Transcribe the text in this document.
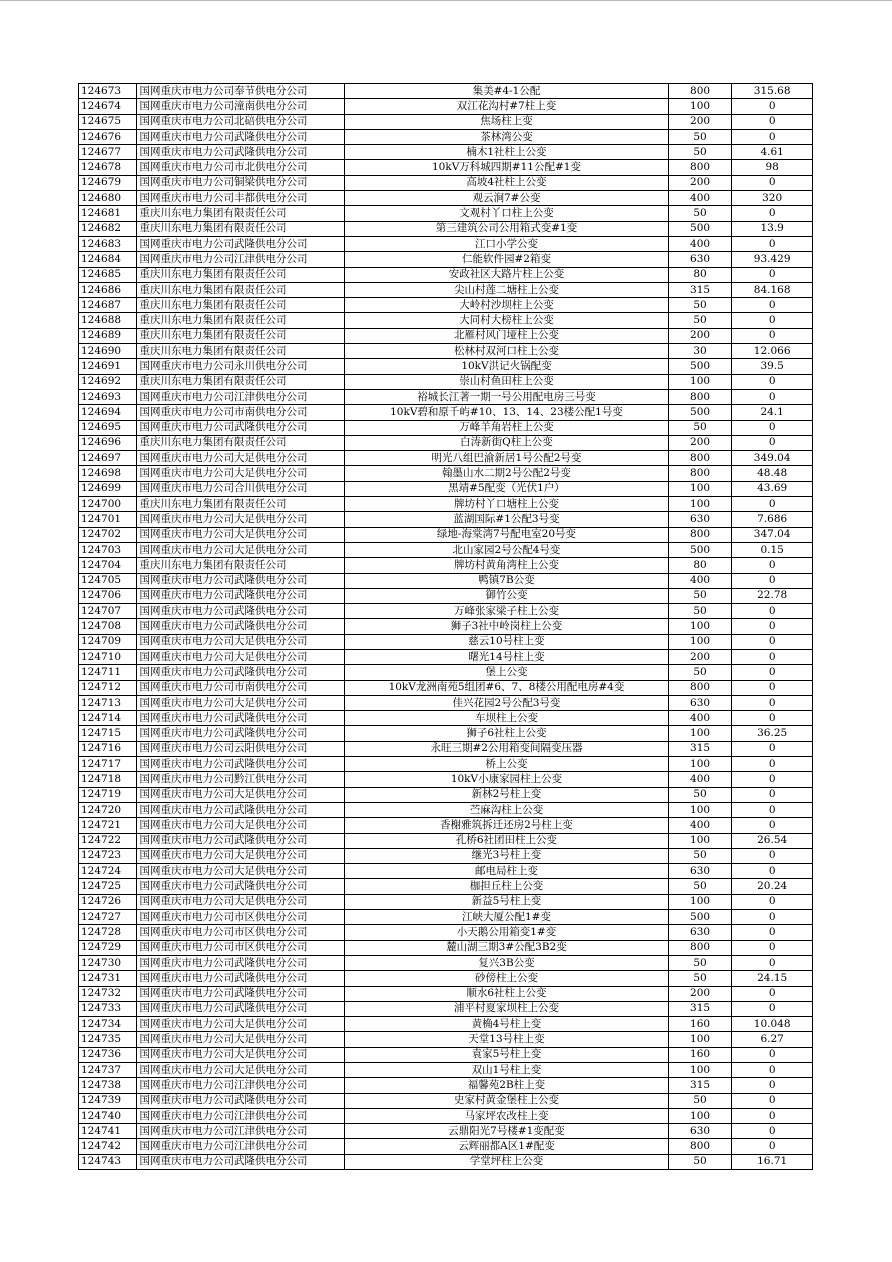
124673	国网重庆市电力公司奉节供电分公司	集美#4-1公配	800	315.68
124674	国网重庆市电力公司潼南供电分公司	双江花沟村#7柱上变	100	0
124675	国网重庆市电力公司北碚供电分公司	焦场柱上变	200	0
124676	国网重庆市电力公司武隆供电分公司	茶林湾公变	50	0
124677	国网重庆市电力公司武隆供电分公司	楠木1社柱上公变	50	4.61
124678	国网重庆市电力公司市北供电分公司	10kV万科城四期#11公配#1变	800	98
124679	国网重庆市电力公司铜梁供电分公司	高坡4社柱上公变	200	0
124680	国网重庆市电力公司丰都供电分公司	观云涧7#公变	400	320
124681	重庆川东电力集团有限责任公司	文观村丫口柱上公变	50	0
124682	重庆川东电力集团有限责任公司	第三建筑公司公用箱式变#1变	500	13.9
124683	国网重庆市电力公司武隆供电分公司	江口小学公变	400	0
124684	国网重庆市电力公司江津供电分公司	仁能软件园#2箱变	630	93.429
124685	重庆川东电力集团有限责任公司	安政社区大路片柱上公变	80	0
124686	重庆川东电力集团有限责任公司	尖山村莲二塘柱上公变	315	84.168
124687	重庆川东电力集团有限责任公司	大岭村沙坝柱上公变	50	0
124688	重庆川东电力集团有限责任公司	大同村大榜柱上公变	50	0
124689	重庆川东电力集团有限责任公司	北雁村风门垭柱上公变	200	0
124690	重庆川东电力集团有限责任公司	松林村双河口柱上公变	30	12.066
124691	国网重庆市电力公司永川供电分公司	10kV洪记火锅配变	500	39.5
124692	重庆川东电力集团有限责任公司	崇山村鱼田柱上公变	100	0
124693	国网重庆市电力公司江津供电分公司	裕城长江著一期一号公用配电房三号变	800	0
124694	国网重庆市电力公司市南供电分公司	10kV碧和原千屿#10、13、14、23楼公配1号变	500	24.1
124695	国网重庆市电力公司武隆供电分公司	万峰羊角岩柱上公变	50	0
124696	重庆川东电力集团有限责任公司	白涛新街Q柱上公变	200	0
124697	国网重庆市电力公司大足供电分公司	明光八组巴渝新居1号公配2号变	800	349.04
124698	国网重庆市电力公司大足供电分公司	翰墨山水二期2号公配2号变	800	48.48
124699	国网重庆市电力公司合川供电分公司	黑靖#5配变（光伏1户）	100	43.69
124700	重庆川东电力集团有限责任公司	牌坊村丫口塘柱上公变	100	0
124701	国网重庆市电力公司大足供电分公司	蓝湖国际#1公配3号变	630	7.686
124702	国网重庆市电力公司大足供电分公司	绿地-海棠湾7号配电室20号变	800	347.04
124703	国网重庆市电力公司大足供电分公司	北山家园2号公配4号变	500	0.15
124704	重庆川东电力集团有限责任公司	牌坊村黄角湾柱上公变	80	0
124705	国网重庆市电力公司武隆供电分公司	鸭镇7B公变	400	0
124706	国网重庆市电力公司武隆供电分公司	御竹公变	50	22.78
124707	国网重庆市电力公司武隆供电分公司	万峰张家梁子柱上公变	50	0
124708	国网重庆市电力公司武隆供电分公司	狮子3社中岭岗柱上公变	100	0
124709	国网重庆市电力公司大足供电分公司	慈云10号柱上变	100	0
124710	国网重庆市电力公司大足供电分公司	曙光14号柱上变	200	0
124711	国网重庆市电力公司武隆供电分公司	堡上公变	50	0
124712	国网重庆市电力公司市南供电分公司	10kV龙洲南苑5组团#6、7、8楼公用配电房#4变	800	0
124713	国网重庆市电力公司大足供电分公司	佳兴花园2号公配3号变	630	0
124714	国网重庆市电力公司武隆供电分公司	车坝柱上公变	400	0
124715	国网重庆市电力公司武隆供电分公司	狮子6社柱上公变	100	36.25
124716	国网重庆市电力公司云阳供电分公司	永旺三期#2公用箱变间隔变压器	315	0
124717	国网重庆市电力公司武隆供电分公司	桥上公变	100	0
124718	国网重庆市电力公司黔江供电分公司	10kV小康家园柱上公变	400	0
124719	国网重庆市电力公司大足供电分公司	新林2号柱上变	50	0
124720	国网重庆市电力公司武隆供电分公司	苎麻沟柱上公变	100	0
124721	国网重庆市电力公司大足供电分公司	香榭雅筑拆迁还房2号柱上变	400	0
124722	国网重庆市电力公司武隆供电分公司	孔桥6社团田柱上公变	100	26.54
124723	国网重庆市电力公司大足供电分公司	继光3号柱上变	50	0
124724	国网重庆市电力公司大足供电分公司	邮电局柱上变	630	0
124725	国网重庆市电力公司武隆供电分公司	枷担丘柱上公变	50	20.24
124726	国网重庆市电力公司大足供电分公司	新益5号柱上变	100	0
124727	国网重庆市电力公司市区供电分公司	江峡大厦公配1#变	500	0
124728	国网重庆市电力公司市区供电分公司	小天鹅公用箱变1#变	630	0
124729	国网重庆市电力公司市区供电分公司	麓山湖三期3#公配3B2变	800	0
124730	国网重庆市电力公司武隆供电分公司	复兴3B公变	50	0
124731	国网重庆市电力公司武隆供电分公司	砂傍柱上公变	50	24.15
124732	国网重庆市电力公司武隆供电分公司	顺水6社柱上公变	200	0
124733	国网重庆市电力公司武隆供电分公司	浦平村夏家坝柱上公变	315	0
124734	国网重庆市电力公司大足供电分公司	黄桷4号柱上变	160	10.048
124735	国网重庆市电力公司大足供电分公司	天堂13号柱上变	100	6.27
124736	国网重庆市电力公司大足供电分公司	袁家5号柱上变	160	0
124737	国网重庆市电力公司大足供电分公司	双山1号柱上变	100	0
124738	国网重庆市电力公司江津供电分公司	福馨苑2B柱上变	315	0
124739	国网重庆市电力公司武隆供电分公司	史家村黄金堡柱上公变	50	0
124740	国网重庆市电力公司江津供电分公司	马家坪农改柱上变	100	0
124741	国网重庆市电力公司江津供电分公司	云鼎阳光7号楼#1变配变	630	0
124742	国网重庆市电力公司江津供电分公司	云辉丽都A区1#配变	800	0
124743	国网重庆市电力公司武隆供电分公司	学堂坪柱上公变	50	16.71
